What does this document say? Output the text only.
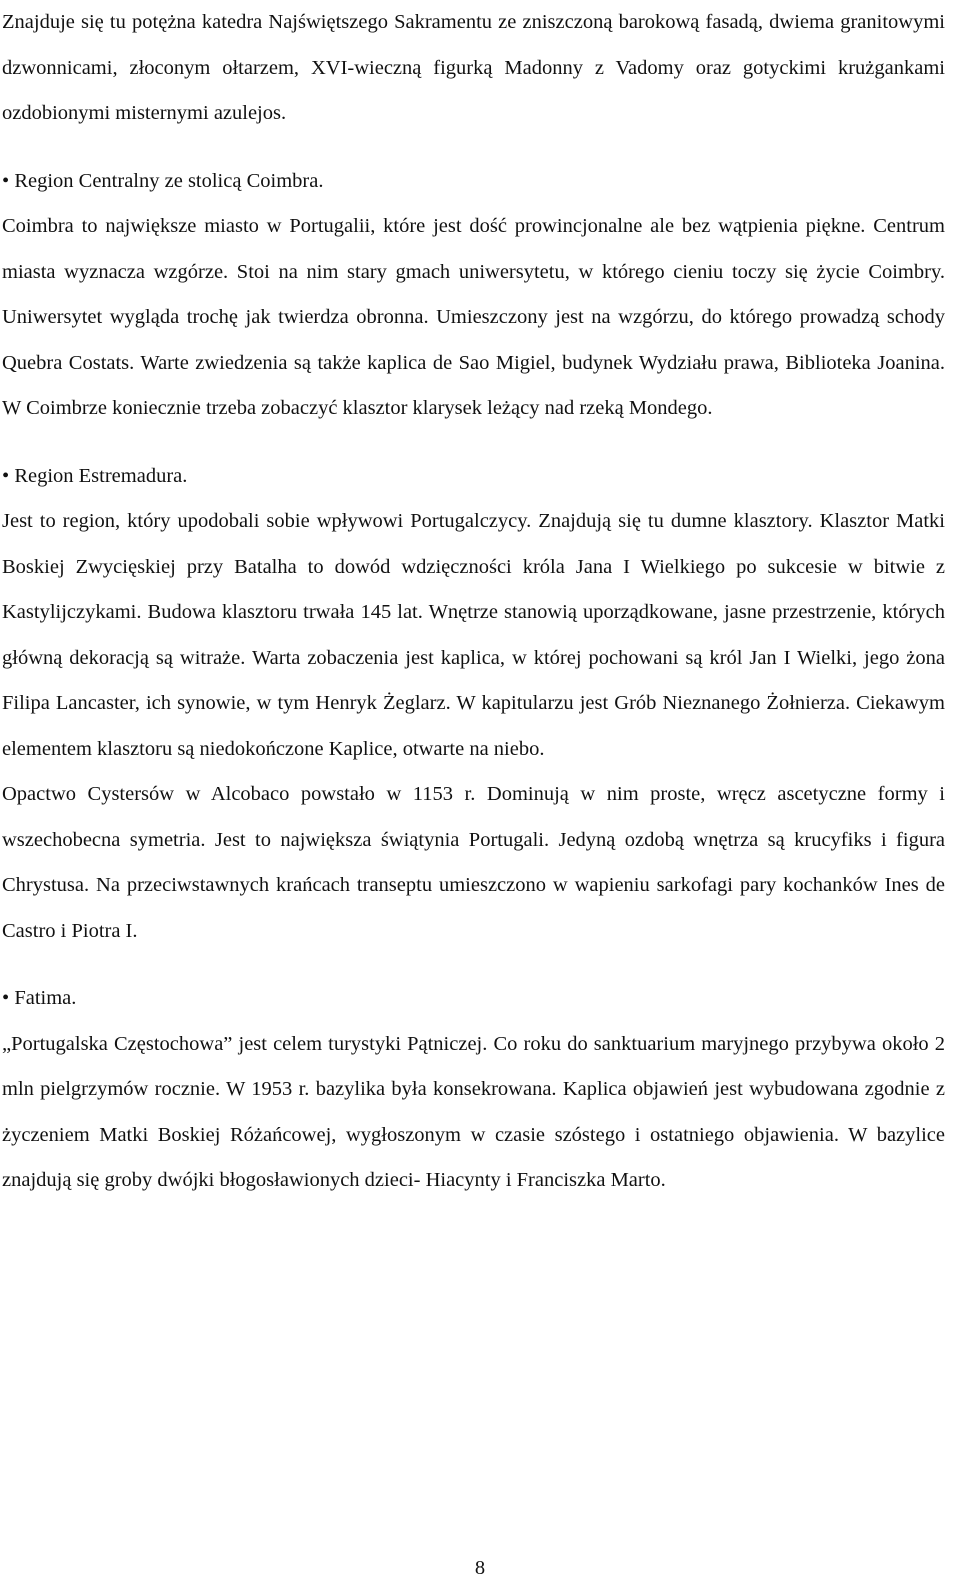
Znajduje się tu potężna katedra Najświętszego Sakramentu ze zniszczoną barokową fasadą, dwiema granitowymi dzwonnicami, złoconym ołtarzem, XVI-wieczną figurką Madonny z Vadomy oraz gotyckimi krużgankami ozdobionymi misternymi azulejos.

• Region Centralny ze stolicą Coimbra.

Coimbra to największe miasto w Portugalii, które jest dość prowincjonalne ale bez wątpienia piękne. Centrum miasta wyznacza wzgórze. Stoi na nim stary gmach uniwersytetu, w którego cieniu toczy się życie Coimbry. Uniwersytet wygląda trochę jak twierdza obronna. Umieszczony jest na wzgórzu, do którego prowadzą schody Quebra Costats. Warte zwiedzenia są także kaplica de Sao Migiel, budynek Wydziału prawa, Biblioteka Joanina. W Coimbrze koniecznie trzeba zobaczyć klasztor klarysek leżący nad rzeką Mondego.

• Region Estremadura.

Jest to region, który upodobali sobie wpływowi Portugalczycy. Znajdują się tu dumne klasztory. Klasztor Matki Boskiej Zwycięskiej przy Batalha to dowód wdzięczności króla Jana I Wielkiego po sukcesie w bitwie z Kastylijczykami. Budowa klasztoru trwała 145 lat. Wnętrze stanowią uporządkowane, jasne przestrzenie, których główną dekoracją są witraże. Warta zobaczenia jest kaplica, w której pochowani są król Jan I Wielki, jego żona Filipa Lancaster, ich synowie, w tym Henryk Żeglarz. W kapitularzu jest Grób Nieznanego Żołnierza. Ciekawym elementem klasztoru są niedokończone Kaplice, otwarte na niebo.

Opactwo Cystersów w Alcobaco powstało w 1153 r. Dominują w nim proste, wręcz ascetyczne formy i wszechobecna symetria. Jest to największa świątynia Portugali. Jedyną ozdobą wnętrza są krucyfiks i figura Chrystusa. Na przeciwstawnych krańcach transeptu umieszczono w wapieniu sarkofagi pary kochanków Ines de Castro i Piotra I.

• Fatima.

„Portugalska Częstochowa” jest celem turystyki Pątniczej. Co roku do sanktuarium maryjnego przybywa około 2 mln pielgrzymów rocznie. W 1953 r. bazylika była konsekrowana. Kaplica objawień jest wybudowana zgodnie z życzeniem Matki Boskiej Różańcowej, wygłoszonym w czasie szóstego i ostatniego objawienia. W bazylice znajdują się groby dwójki błogosławionych dzieci- Hiacynty i Franciszka Marto.

8
